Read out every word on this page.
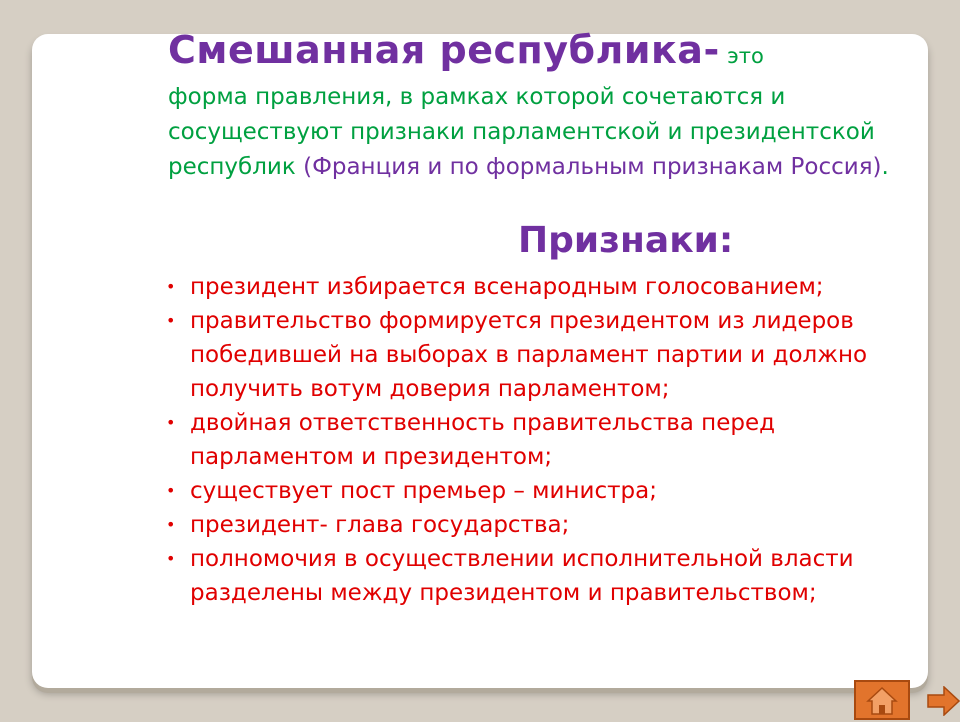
Смешанная республика- это
форма правления, в рамках которой сочетаются и сосуществуют признаки парламентской и президентской республик (Франция и по формальным признакам Россия).
Признаки:
• президент избирается всенародным голосованием;
• правительство формируется президентом из лидеров победившей на выборах в парламент партии и должно получить вотум доверия парламентом;
• двойная ответственность правительства перед парламентом и президентом;
• существует пост премьер – министра;
• президент- глава государства;
• полномочия в осуществлении исполнительной власти разделены между президентом и правительством;
